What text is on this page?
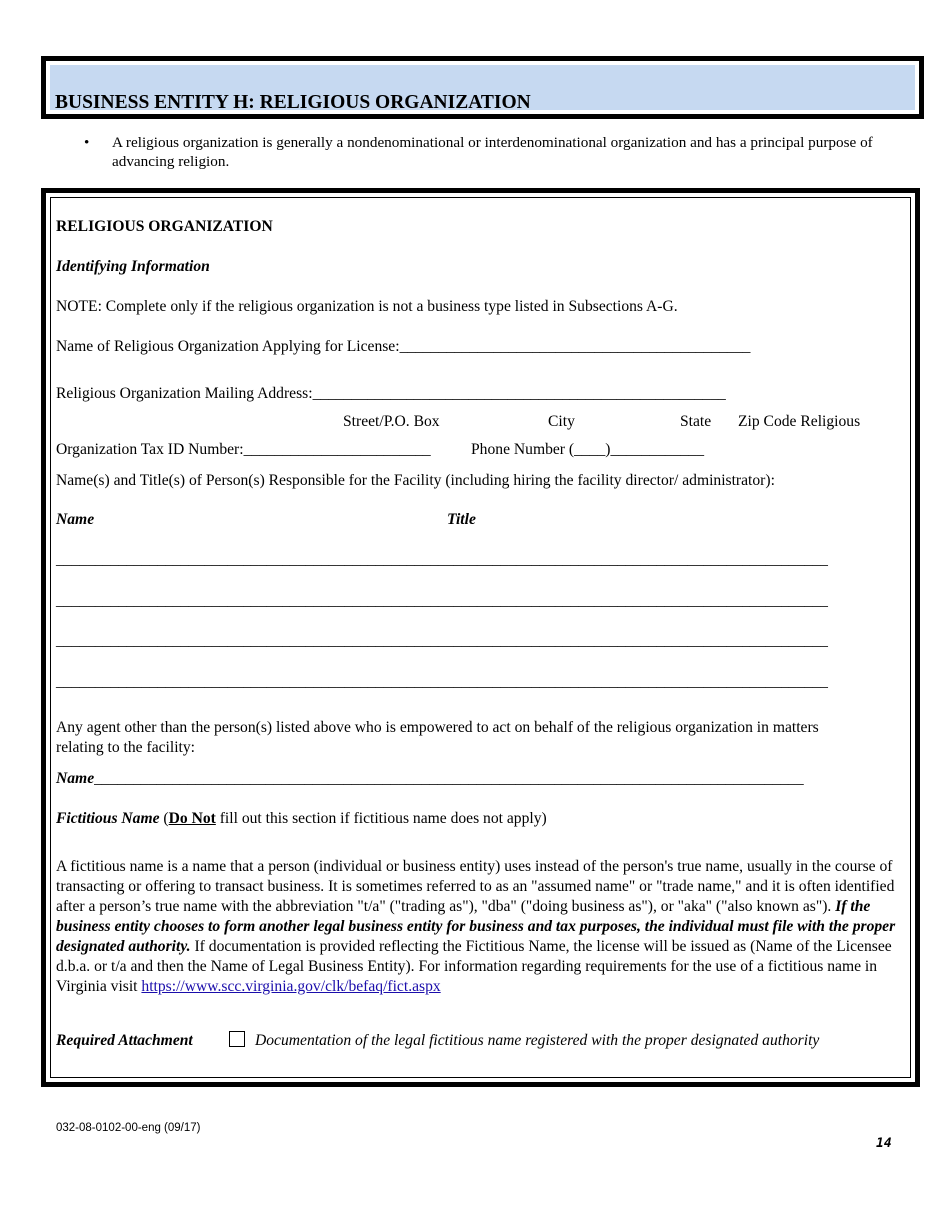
BUSINESS ENTITY H: RELIGIOUS ORGANIZATION
• A religious organization is generally a nondenominational or interdenominational organization and has a principal purpose of advancing religion.
RELIGIOUS ORGANIZATION
Identifying Information
NOTE: Complete only if the religious organization is not a business type listed in Subsections A-G.
Name of Religious Organization Applying for License:_____________________________________________
Religious Organization Mailing Address:_____________________________________________________
Street/P.O. Box	City	State Zip Code Religious
Organization Tax ID Number:________________________	Phone Number (____)____________
Name(s) and Title(s) of Person(s) Responsible for the Facility (including hiring the facility director/ administrator):
Name	Title
___________________________________________________________________________________________________
___________________________________________________________________________________________________
___________________________________________________________________________________________________
___________________________________________________________________________________________________
Any agent other than the person(s) listed above who is empowered to act on behalf of the religious organization in matters
relating to the facility:
Name___________________________________________________________________________________________
Fictitious Name (Do Not fill out this section if fictitious name does not apply)
A fictitious name is a name that a person (individual or business entity) uses instead of the person's true name, usually in the course of transacting or offering to transact business. It is sometimes referred to as an "assumed name" or "trade name," and it is often identified after a person’s true name with the abbreviation "t/a" ("trading as"), "dba" ("doing business as"), or "aka" ("also known as"). If the business entity chooses to form another legal business entity for business and tax purposes, the individual must file with the proper designated authority. If documentation is provided reflecting the Fictitious Name, the license will be issued as (Name of the Licensee d.b.a. or t/a and then the Name of Legal Business Entity). For information regarding requirements for the use of a fictitious name in Virginia visit https://www.scc.virginia.gov/clk/befaq/fict.aspx
Required Attachment	Documentation of the legal fictitious name registered with the proper designated authority
032-08-0102-00-eng (09/17)
14
